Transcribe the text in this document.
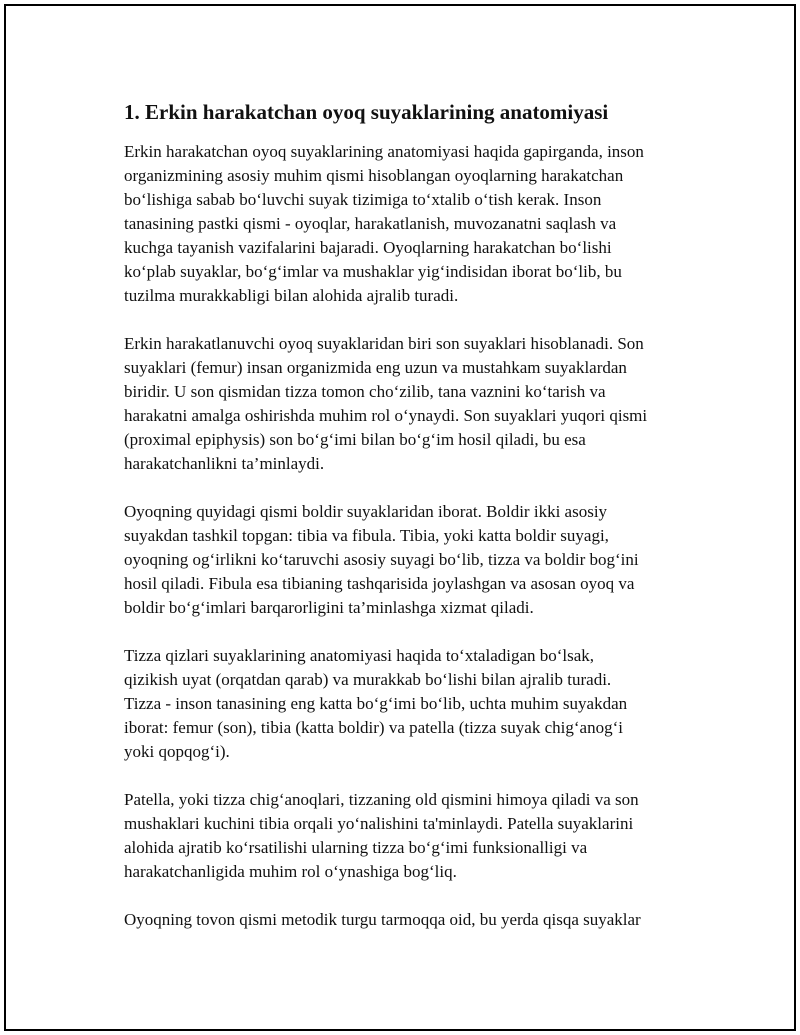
1. Erkin harakatchan oyoq suyaklarining anatomiyasi

Erkin harakatchan oyoq suyaklarining anatomiyasi haqida gapirganda, inson
organizmining asosiy muhim qismi hisoblangan oyoqlarning harakatchan
bo‘lishiga sabab bo‘luvchi suyak tizimiga to‘xtalib o‘tish kerak. Inson
tanasining pastki qismi - oyoqlar, harakatlanish, muvozanatni saqlash va
kuchga tayanish vazifalarini bajaradi. Oyoqlarning harakatchan bo‘lishi
ko‘plab suyaklar, bo‘g‘imlar va mushaklar yig‘indisidan iborat bo‘lib, bu
tuzilma murakkabligi bilan alohida ajralib turadi.

Erkin harakatlanuvchi oyoq suyaklaridan biri son suyaklari hisoblanadi. Son
suyaklari (femur) insan organizmida eng uzun va mustahkam suyaklardan
biridir. U son qismidan tizza tomon cho‘zilib, tana vaznini ko‘tarish va
harakatni amalga oshirishda muhim rol o‘ynaydi. Son suyaklari yuqori qismi
(proximal epiphysis) son bo‘g‘imi bilan bo‘g‘im hosil qiladi, bu esa
harakatchanlikni ta’minlaydi.

Oyoqning quyidagi qismi boldir suyaklaridan iborat. Boldir ikki asosiy
suyakdan tashkil topgan: tibia va fibula. Tibia, yoki katta boldir suyagi,
oyoqning og‘irlikni ko‘taruvchi asosiy suyagi bo‘lib, tizza va boldir bog‘ini
hosil qiladi. Fibula esa tibianing tashqarisida joylashgan va asosan oyoq va
boldir bo‘g‘imlari barqarorligini ta’minlashga xizmat qiladi.

Tizza qizlari suyaklarining anatomiyasi haqida to‘xtaladigan bo‘lsak,
qizikish uyat (orqatdan qarab) va murakkab bo‘lishi bilan ajralib turadi.
Tizza - inson tanasining eng katta bo‘g‘imi bo‘lib, uchta muhim suyakdan
iborat: femur (son), tibia (katta boldir) va patella (tizza suyak chig‘anog‘i
yoki qopqog‘i).

Patella, yoki tizza chig‘anoqlari, tizzaning old qismini himoya qiladi va son
mushaklari kuchini tibia orqali yo‘nalishini ta'minlaydi. Patella suyaklarini
alohida ajratib ko‘rsatilishi ularning tizza bo‘g‘imi funksionalligi va
harakatchanligida muhim rol o‘ynashiga bog‘liq.

Oyoqning tovon qismi metodik turgu tarmoqqa oid, bu yerda qisqa suyaklar
